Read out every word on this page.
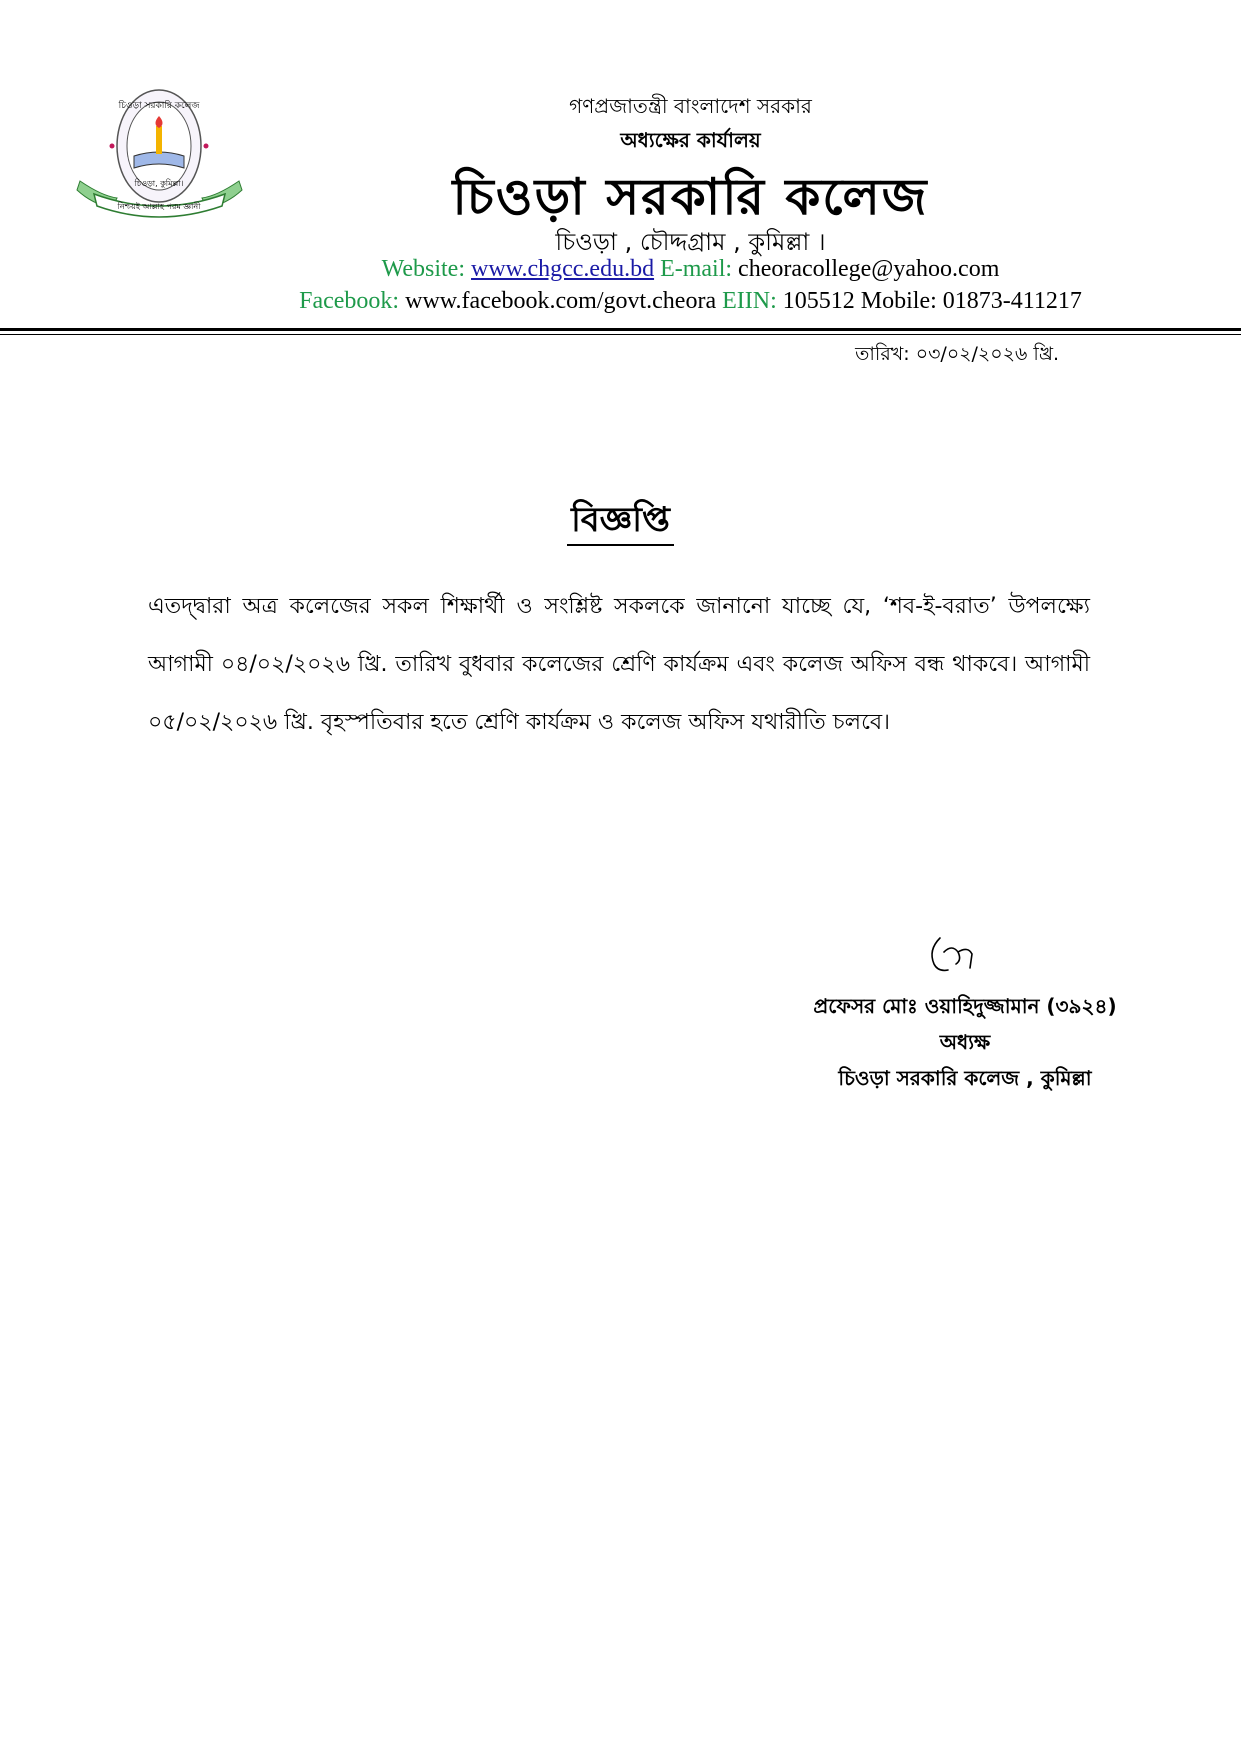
চিওড়া সরকারি কলেজ
চিওড়া, কুমিল্লা।
নিশ্চয়ই আল্লাহ পরম জ্ঞানী
গণপ্রজাতন্ত্রী বাংলাদেশ সরকার
অধ্যক্ষের কার্যালয়
চিওড়া সরকারি কলেজ
চিওড়া , চৌদ্দগ্রাম , কুমিল্লা ।
Website: www.chgcc.edu.bd E-mail: cheoracollege@yahoo.com
Facebook: www.facebook.com/govt.cheora EIIN: 105512 Mobile: 01873-411217
তারিখ: ০৩/০২/২০২৬ খ্রি.
বিজ্ঞপ্তি
এতদ্দ্বারা অত্র কলেজের সকল শিক্ষার্থী ও সংশ্লিষ্ট সকলকে জানানো যাচ্ছে যে, ‘শব-ই-বরাত’ উপলক্ষ্যে আগামী ০৪/০২/২০২৬ খ্রি. তারিখ বুধবার কলেজের শ্রেণি কার্যক্রম এবং কলেজ অফিস বন্ধ থাকবে। আগামী ০৫/০২/২০২৬ খ্রি. বৃহস্পতিবার হতে শ্রেণি কার্যক্রম ও কলেজ অফিস যথারীতি চলবে।
প্রফেসর মোঃ ওয়াহিদুজ্জামান (৩৯২৪)
অধ্যক্ষ
চিওড়া সরকারি কলেজ , কুমিল্লা
